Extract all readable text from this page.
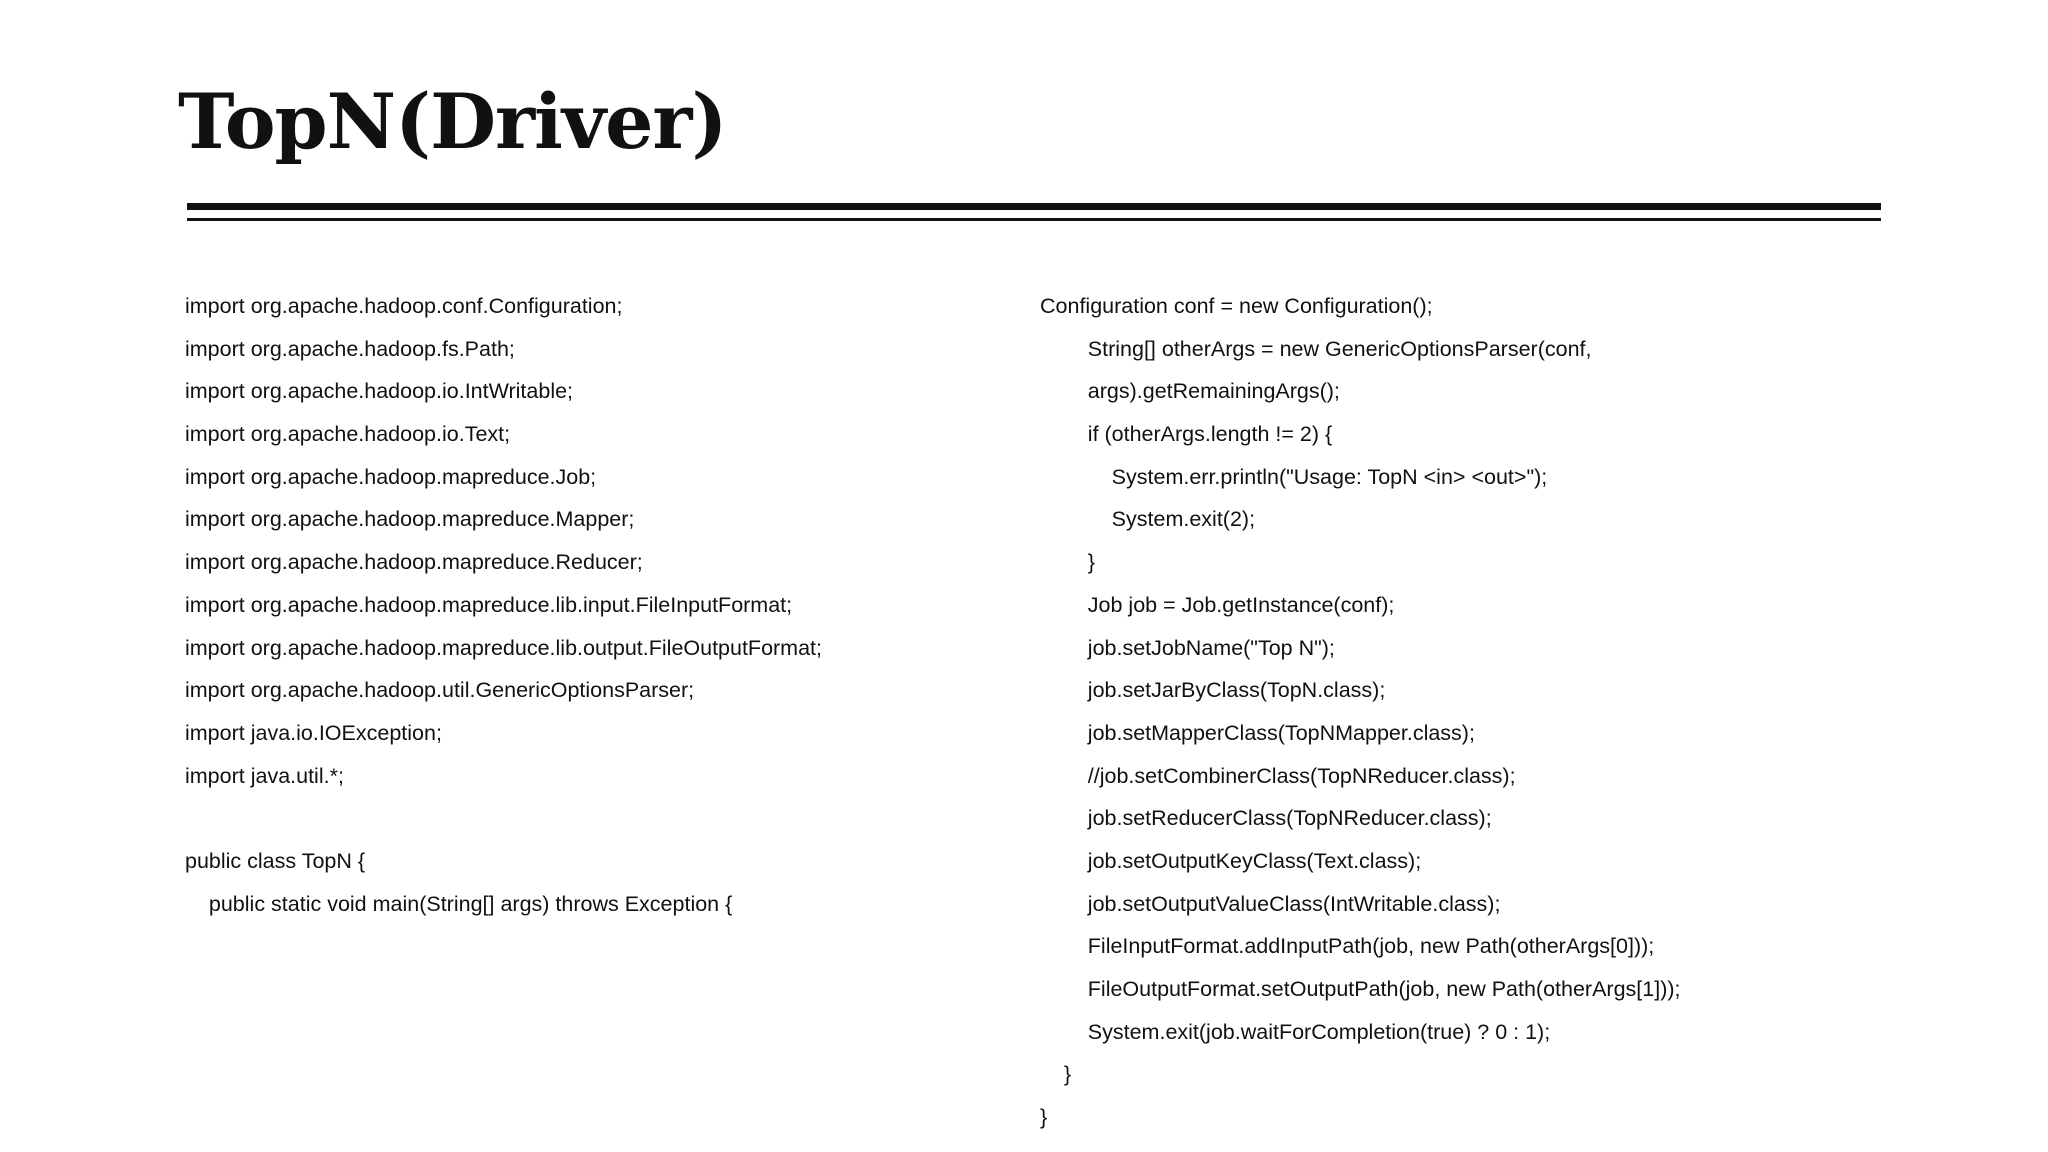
TopN(Driver)
import org.apache.hadoop.conf.Configuration;
import org.apache.hadoop.fs.Path;
import org.apache.hadoop.io.IntWritable;
import org.apache.hadoop.io.Text;
import org.apache.hadoop.mapreduce.Job;
import org.apache.hadoop.mapreduce.Mapper;
import org.apache.hadoop.mapreduce.Reducer;
import org.apache.hadoop.mapreduce.lib.input.FileInputFormat;
import org.apache.hadoop.mapreduce.lib.output.FileOutputFormat;
import org.apache.hadoop.util.GenericOptionsParser;
import java.io.IOException;
import java.util.*;
public class TopN {
public static void main(String[] args) throws Exception {
Configuration conf = new Configuration();
String[] otherArgs = new GenericOptionsParser(conf,
args).getRemainingArgs();
if (otherArgs.length != 2) {
System.err.println("Usage: TopN <in> <out>");
System.exit(2);
}
Job job = Job.getInstance(conf);
job.setJobName("Top N");
job.setJarByClass(TopN.class);
job.setMapperClass(TopNMapper.class);
//job.setCombinerClass(TopNReducer.class);
job.setReducerClass(TopNReducer.class);
job.setOutputKeyClass(Text.class);
job.setOutputValueClass(IntWritable.class);
FileInputFormat.addInputPath(job, new Path(otherArgs[0]));
FileOutputFormat.setOutputPath(job, new Path(otherArgs[1]));
System.exit(job.waitForCompletion(true) ? 0 : 1);
}
}
